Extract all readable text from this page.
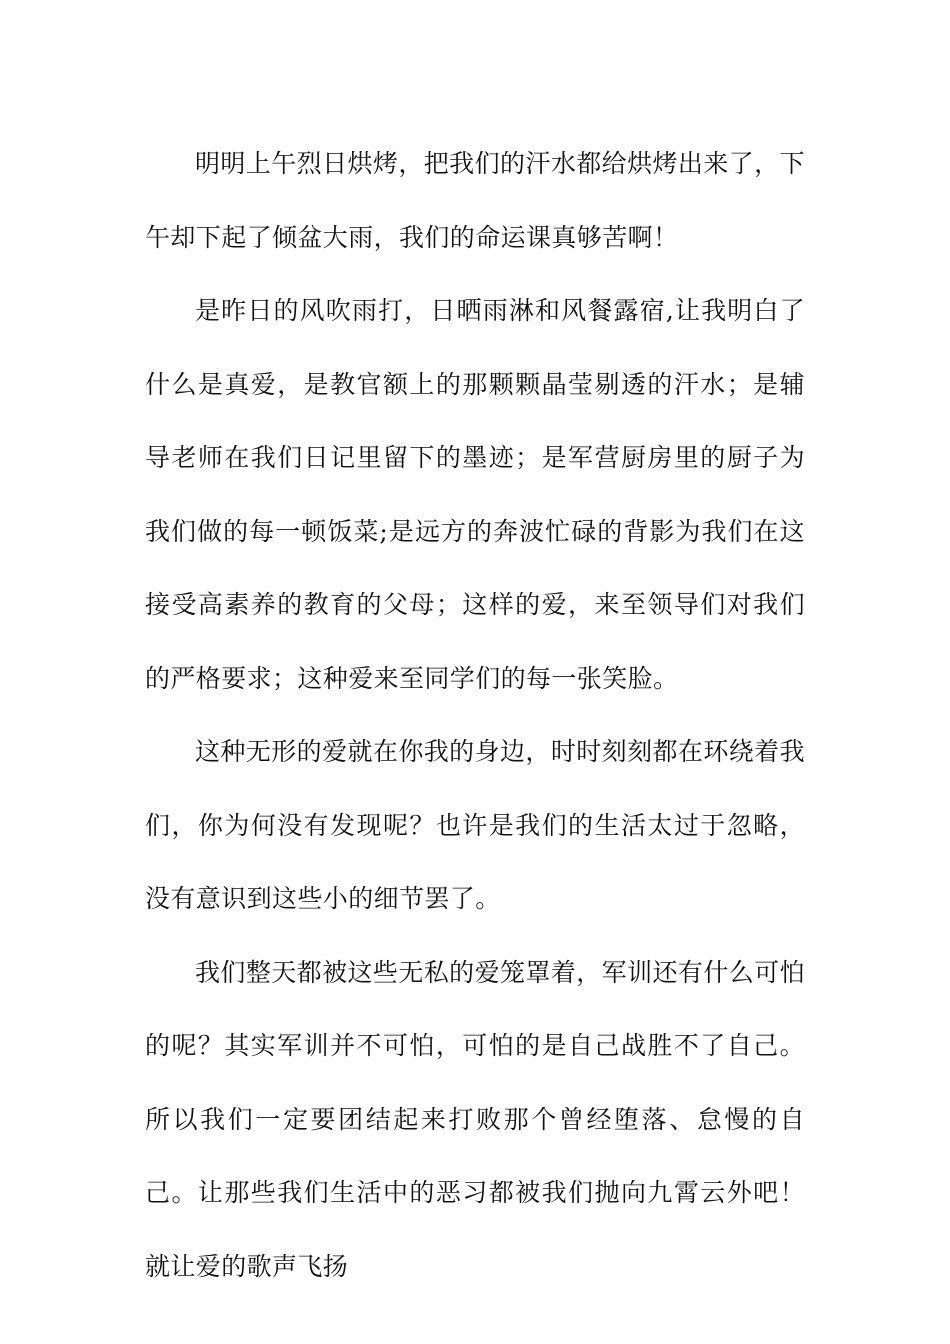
明明上午烈日烘烤，把我们的汗水都给烘烤出来了，下午却下起了倾盆大雨，我们的命运课真够苦啊！

是昨日的风吹雨打，日晒雨淋和风餐露宿,让我明白了什么是真爱，是教官额上的那颗颗晶莹剔透的汗水；是辅导老师在我们日记里留下的墨迹；是军营厨房里的厨子为我们做的每一顿饭菜;是远方的奔波忙碌的背影为我们在这接受高素养的教育的父母；这样的爱，来至领导们对我们的严格要求；这种爱来至同学们的每一张笑脸。

这种无形的爱就在你我的身边，时时刻刻都在环绕着我们，你为何没有发现呢？也许是我们的生活太过于忽略，没有意识到这些小的细节罢了。

我们整天都被这些无私的爱笼罩着，军训还有什么可怕的呢？其实军训并不可怕，可怕的是自己战胜不了自己。所以我们一定要团结起来打败那个曾经堕落、怠慢的自己。让那些我们生活中的恶习都被我们抛向九霄云外吧！就让爱的歌声飞扬
